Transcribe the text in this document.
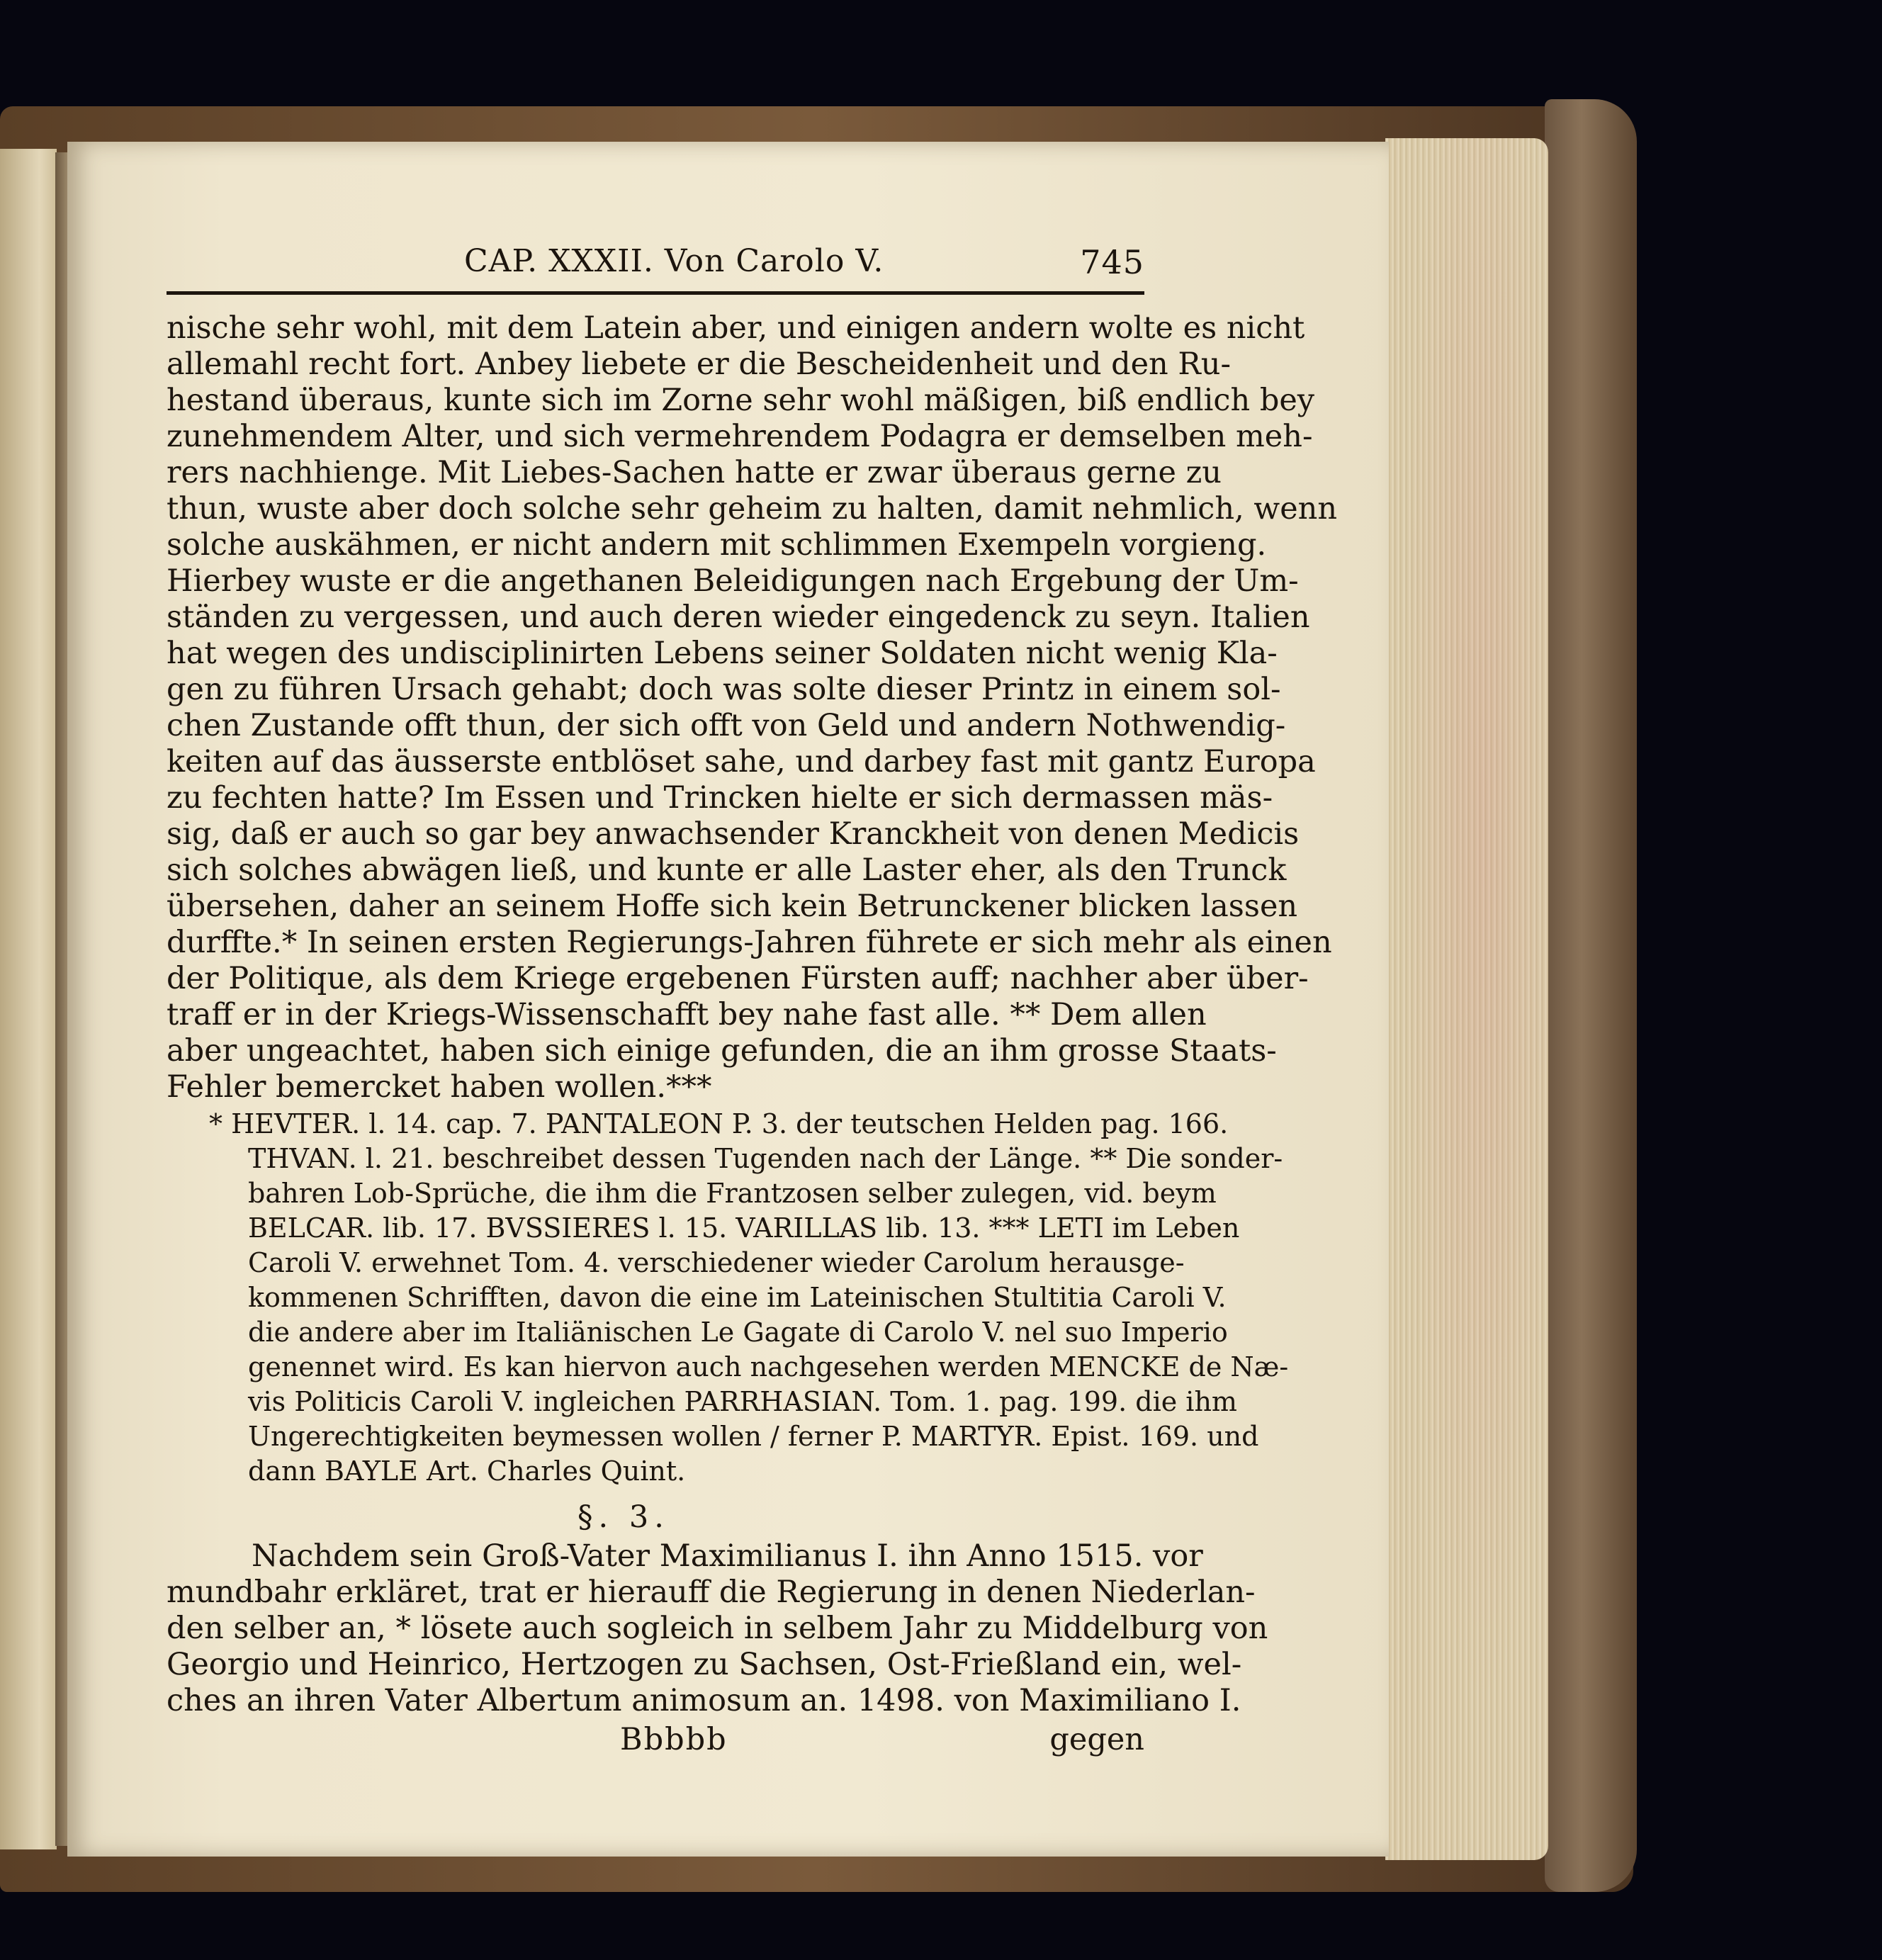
CAP. XXXII. Von Carolo V.	745
nische sehr wohl, mit dem Latein aber, und einigen andern wolte es nicht
allemahl recht fort. Anbey liebete er die Bescheidenheit und den Ru-
hestand überaus, kunte sich im Zorne sehr wohl mäßigen, biß endlich bey
zunehmendem Alter, und sich vermehrendem Podagra er demselben meh-
rers nachhienge. Mit Liebes-Sachen hatte er zwar überaus gerne zu
thun, wuste aber doch solche sehr geheim zu halten, damit nehmlich, wenn
solche auskähmen, er nicht andern mit schlimmen Exempeln vorgieng.
Hierbey wuste er die angethanen Beleidigungen nach Ergebung der Um-
ständen zu vergessen, und auch deren wieder eingedenck zu seyn. Italien
hat wegen des undisciplinirten Lebens seiner Soldaten nicht wenig Kla-
gen zu führen Ursach gehabt; doch was solte dieser Printz in einem sol-
chen Zustande offt thun, der sich offt von Geld und andern Nothwendig-
keiten auf das äusserste entblöset sahe, und darbey fast mit gantz Europa
zu fechten hatte? Im Essen und Trincken hielte er sich dermassen mäs-
sig, daß er auch so gar bey anwachsender Kranckheit von denen Medicis
sich solches abwägen ließ, und kunte er alle Laster eher, als den Trunck
übersehen, daher an seinem Hoffe sich kein Betrunckener blicken lassen
durffte.* In seinen ersten Regierungs-Jahren führete er sich mehr als einen
der Politique, als dem Kriege ergebenen Fürsten auff; nachher aber über-
traff er in der Kriegs-Wissenschafft bey nahe fast alle. ** Dem allen
aber ungeachtet, haben sich einige gefunden, die an ihm grosse Staats-
Fehler bemercket haben wollen.***
* HEVTER. l. 14. cap. 7. PANTALEON P. 3. der teutschen Helden pag. 166.
THVAN. l. 21. beschreibet dessen Tugenden nach der Länge. ** Die sonder-
bahren Lob-Sprüche, die ihm die Frantzosen selber zulegen, vid. beym
BELCAR. lib. 17. BVSSIERES l. 15. VARILLAS lib. 13. *** LETI im Leben
Caroli V. erwehnet Tom. 4. verschiedener wieder Carolum herausge-
kommenen Schrifften, davon die eine im Lateinischen Stultitia Caroli V.
die andere aber im Italiänischen Le Gagate di Carolo V. nel suo Imperio
genennet wird. Es kan hiervon auch nachgesehen werden MENCKE de Næ-
vis Politicis Caroli V. ingleichen PARRHASIAN. Tom. 1. pag. 199. die ihm
Ungerechtigkeiten beymessen wollen / ferner P. MARTYR. Epist. 169. und
dann BAYLE Art. Charles Quint.
§. 3.
Nachdem sein Groß-Vater Maximilianus I. ihn Anno 1515. vor
mundbahr erkläret, trat er hierauff die Regierung in denen Niederlan-
den selber an, * lösete auch sogleich in selbem Jahr zu Middelburg von
Georgio und Heinrico, Hertzogen zu Sachsen, Ost-Frießland ein, wel-
ches an ihren Vater Albertum animosum an. 1498. von Maximiliano I.
Bbbbb	gegen
